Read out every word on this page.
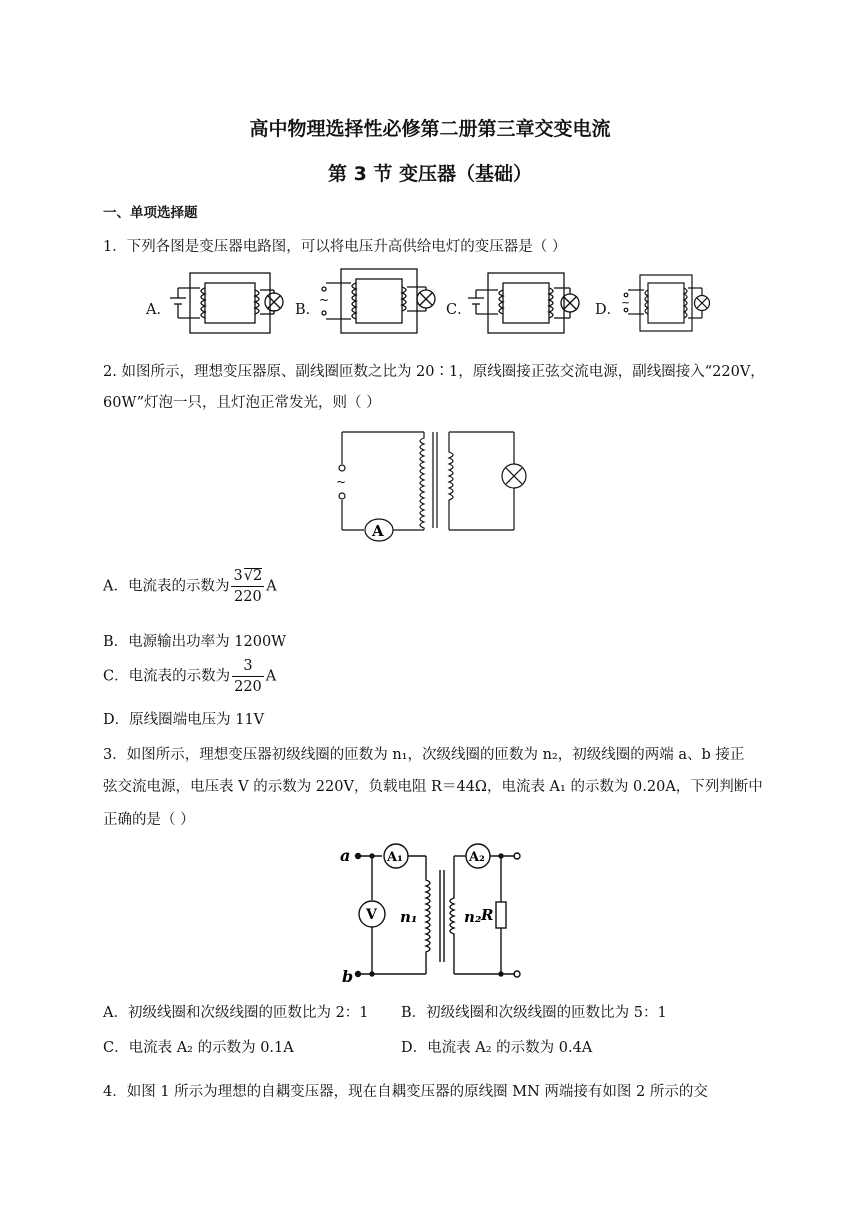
高中物理选择性必修第二册第三章交变电流
第 3 节 变压器（基础）
一、单项选择题
1．下列各图是变压器电路图，可以将电压升高供给电灯的变压器是（ ）
A．	B．
~
C．	D． ~
2. 如图所示，理想变压器原、副线圈匝数之比为 20∶1，原线圈接正弦交流电源，副线圈接入“220V，
60W”灯泡一只，且灯泡正常发光，则（ ）
~
A
A．电流表的示数为 $\frac{3√2}{220}$ A
B．电源输出功率为 1200W
C．电流表的示数为 $\frac{3}{220}$ A
D．原线圈端电压为 11V
3．如图所示，理想变压器初级线圈的匝数为 n₁，次级线圈的匝数为 n₂，初级线圈的两端 a、b 接正
弦交流电源，电压表 V 的示数为 220V，负载电阻 R＝44Ω，电流表 A₁ 的示数为 0.20A，下列判断中
正确的是（ ）
a
b
A₁	A₂
V n₁	n₂ R
A．初级线圈和次级线圈的匝数比为 2：1 B．初级线圈和次级线圈的匝数比为 5：1
C．电流表 A₂ 的示数为 0.1A	D．电流表 A₂ 的示数为 0.4A
4．如图 1 所示为理想的自耦变压器，现在自耦变压器的原线圈 MN 两端接有如图 2 所示的交
